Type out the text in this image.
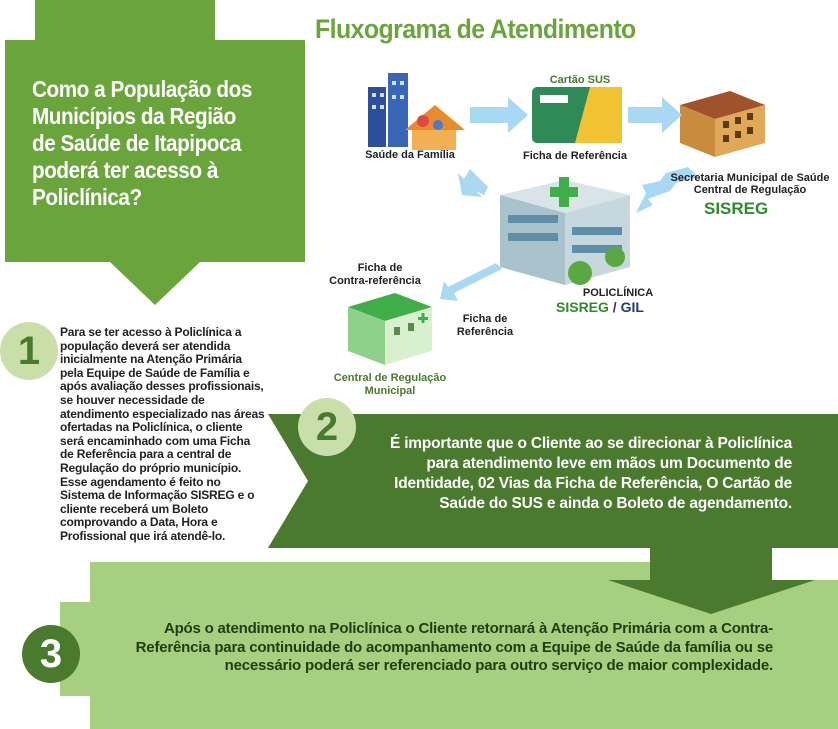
Como a População dos Municípios da Região de Saúde de Itapipoca poderá ter acesso à Policlínica?
Fluxograma de Atendimento
1	Para se ter acesso à Policlínica a população deverá ser atendida inicialmente na Atenção Primária pela Equipe de Saúde de Família e após avaliação desses profissionais, se houver necessidade de atendimento especializado nas áreas ofertadas na Policlínica, o cliente será encaminhado com uma Ficha de Referência para a central de Regulação do próprio município. Esse agendamento é feito no Sistema de Informação SISREG e o cliente receberá um Boleto comprovando a Data, Hora e Profissional que irá atendê-lo.
2	É importante que o Cliente ao se direcionar à Policlínica para atendimento leve em mãos um Documento de Identidade, 02 Vias da Ficha de Referência, O Cartão de Saúde do SUS e ainda o Boleto de agendamento.
3
Após o atendimento na Policlínica o Cliente retornará à Atenção Primária com a Contra-Referência para continuidade do acompanhamento com a Equipe de Saúde da família ou se necessário poderá ser referenciado para outro serviço de maior complexidade.
Saúde da Família
Cartão SUS
Ficha de Referência
Secretaria Municipal de Saúde
Central de Regulação
SISREG
POLICLÍNICA
SISREG / GIL
Ficha de
Contra-referência
Ficha de
Referência
Central de Regulação
Municipal
